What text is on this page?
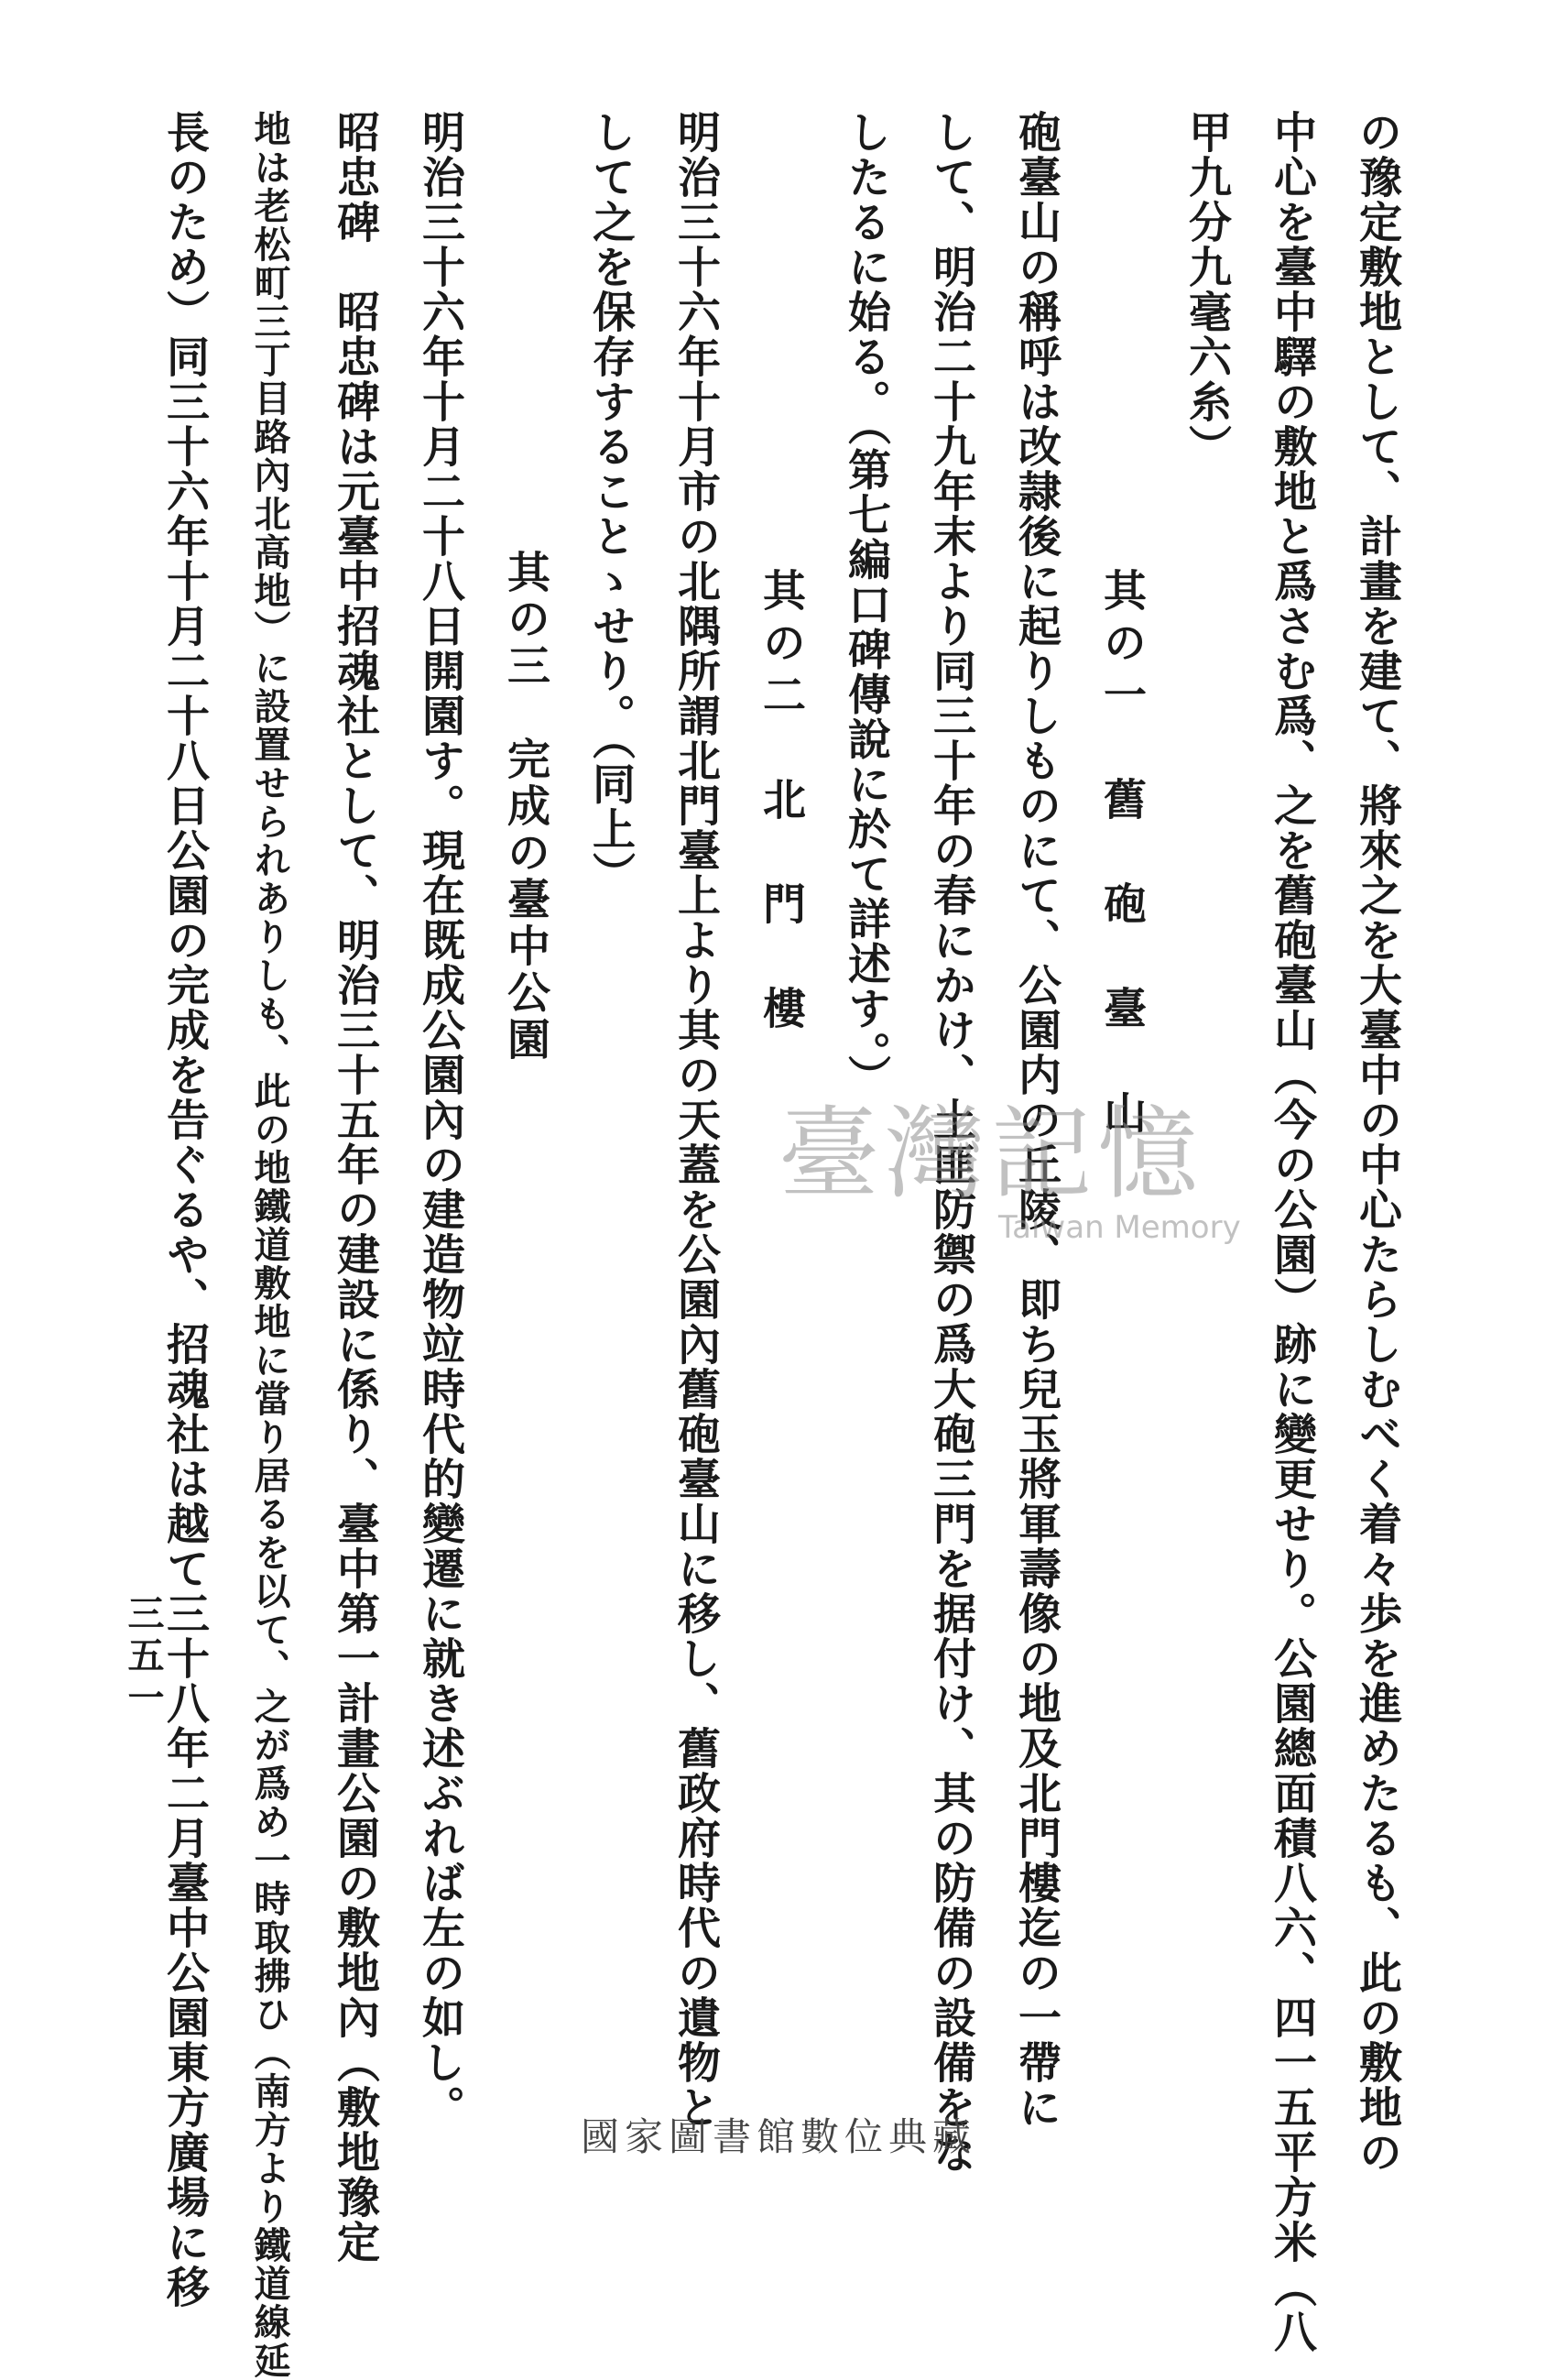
の豫定敷地として、計畫を建て、將來之を大臺中の中心たらしむべく着々歩を進めたるも、此の敷地の
中心を臺中驛の敷地と爲さむ爲、之を舊砲臺山（今の公園）跡に變更せり。公園總面積八六、四一五平方米（八
甲九分九毫六糸）
其の一　舊　砲　臺　山
砲臺山の稱呼は改隷後に起りしものにて、公園内の丘陵、即ち兒玉將軍壽像の地及北門樓迄の一帶に
して、明治二十九年末より同三十年の春にかけ、土匪防禦の爲大砲三門を据付け、其の防備の設備をな
したるに始る。（第七編口碑傳說に於て詳述す。）
其の二　北　門　樓
明治三十六年十月市の北隅所謂北門臺上より其の天蓋を公園內舊砲臺山に移し、舊政府時代の遺物と
して之を保存することゝせり。（同上）
其の三　完成の臺中公園
明治三十六年十月二十八日開園す。現在既成公園內の建造物竝時代的變遷に就き述ぶれば左の如し。
昭忠碑　昭忠碑は元臺中招魂社として、明治三十五年の建設に係り、臺中第一計畫公園の敷地內（敷地豫定
地は老松町三丁目路內北高地）に設置せられありしも、此の地鐵道敷地に當り居るを以て、之が爲め一時取拂ひ（南方より鐵道線延
長のため）同三十六年十月二十八日公園の完成を告ぐるや、招魂社は越て三十八年二月臺中公園東方廣場に移
三五一
臺灣記憶
Taiwan Memory
國家圖書館數位典藏
